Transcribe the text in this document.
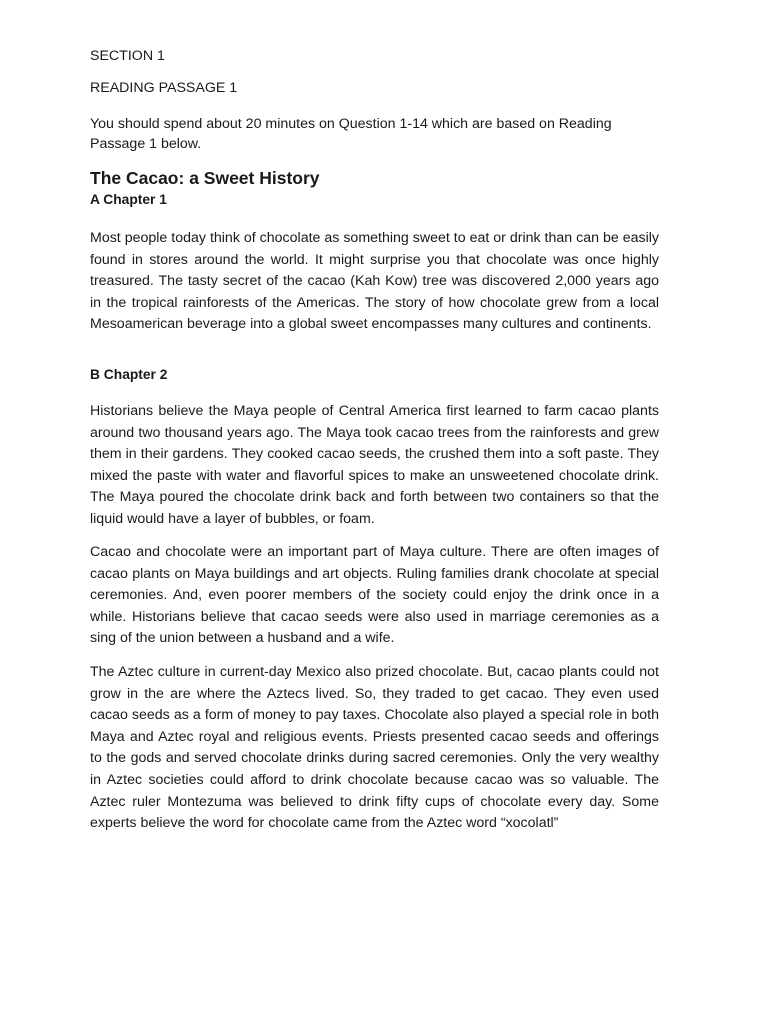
SECTION 1
READING PASSAGE 1
You should spend about 20 minutes on Question 1-14 which are based on Reading
Passage 1 below.
The Cacao: a Sweet History
A Chapter 1

Most people today think of chocolate as something sweet to eat or drink than can be easily found in stores around the world. It might surprise you that chocolate was once highly treasured. The tasty secret of the cacao (Kah Kow) tree was discovered 2,000 years ago in the tropical rainforests of the Americas. The story of how chocolate grew from a local Mesoamerican beverage into a global sweet encompasses many cultures and continents.

B Chapter 2

Historians believe the Maya people of Central America first learned to farm cacao plants around two thousand years ago. The Maya took cacao trees from the rainforests and grew them in their gardens. They cooked cacao seeds, the crushed them into a soft paste. They mixed the paste with water and flavorful spices to make an unsweetened chocolate drink. The Maya poured the chocolate drink back and forth between two containers so that the liquid would have a layer of bubbles, or foam.

Cacao and chocolate were an important part of Maya culture. There are often images of cacao plants on Maya buildings and art objects. Ruling families drank chocolate at special ceremonies. And, even poorer members of the society could enjoy the drink once in a while. Historians believe that cacao seeds were also used in marriage ceremonies as a sing of the union between a husband and a wife.

The Aztec culture in current-day Mexico also prized chocolate. But, cacao plants could not grow in the are where the Aztecs lived. So, they traded to get cacao. They even used cacao seeds as a form of money to pay taxes. Chocolate also played a special role in both Maya and Aztec royal and religious events. Priests presented cacao seeds and offerings to the gods and served chocolate drinks during sacred ceremonies. Only the very wealthy in Aztec societies could afford to drink chocolate because cacao was so valuable. The Aztec ruler Montezuma was believed to drink fifty cups of chocolate every day. Some experts believe the word for chocolate came from the Aztec word “xocolatl”
